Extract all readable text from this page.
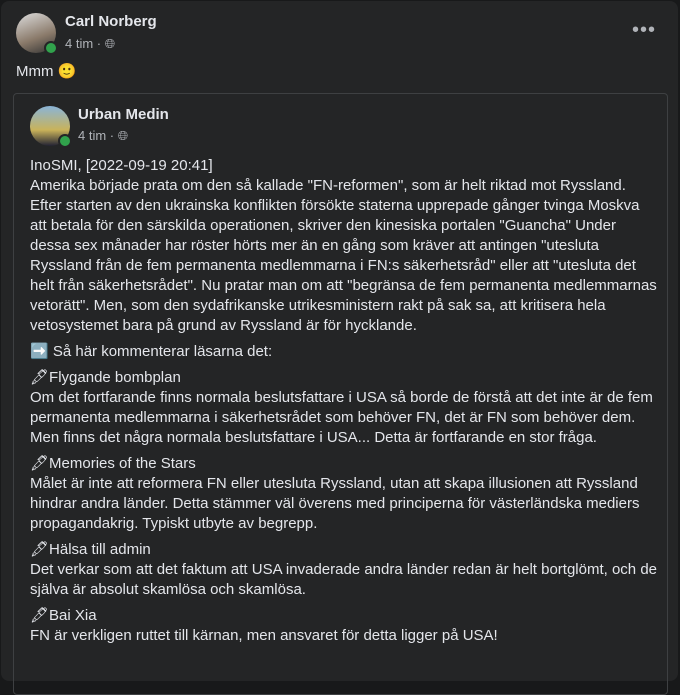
Carl Norberg
4 tim · 🌐︎
•••
Mmm 🙂
Urban Medin
4 tim · 🌐︎

InoSMI, [2022-09-19 20:41]
Amerika började prata om den så kallade "FN-reformen", som är helt riktad mot Ryssland. Efter starten av den ukrainska konflikten försökte staterna upprepade gånger tvinga Moskva att betala för den särskilda operationen, skriver den kinesiska portalen "Guancha" Under dessa sex månader har röster hörts mer än en gång som kräver att antingen "utesluta Ryssland från de fem permanenta medlemmarna i FN:s säkerhetsråd" eller att "utesluta det helt från säkerhetsrådet". Nu pratar man om att "begränsa de fem permanenta medlemmarnas vetorätt". Men, som den sydafrikanske utrikesministern rakt på sak sa, att kritisera hela vetosystemet bara på grund av Ryssland är för hycklande.

➡️ Så här kommenterar läsarna det:

🖋Flygande bombplan
Om det fortfarande finns normala beslutsfattare i USA så borde de förstå att det inte är de fem permanenta medlemmarna i säkerhetsrådet som behöver FN, det är FN som behöver dem. Men finns det några normala beslutsfattare i USA... Detta är fortfarande en stor fråga.

🖋Memories of the Stars
Målet är inte att reformera FN eller utesluta Ryssland, utan att skapa illusionen att Ryssland hindrar andra länder. Detta stämmer väl överens med principerna för västerländska mediers propagandakrig. Typiskt utbyte av begrepp.

🖋Hälsa till admin
Det verkar som att det faktum att USA invaderade andra länder redan är helt bortglömt, och de själva är absolut skamlösa och skamlösa.

🖋Bai Xia
FN är verkligen ruttet till kärnan, men ansvaret för detta ligger på USA!
